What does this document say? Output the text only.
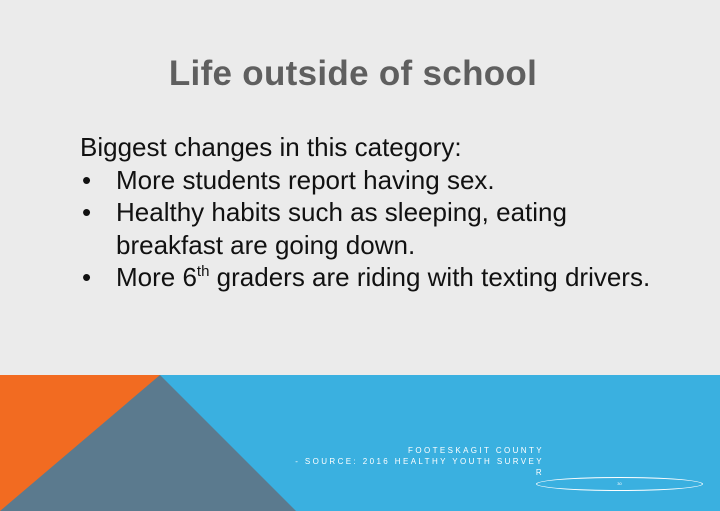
Life outside of school

Biggest changes in this category:

• More students report having sex.
• Healthy habits such as sleeping, eating breakfast are going down.
• More 6th graders are riding with texting drivers.
FOOTESKAGIT COUNTY
- SOURCE: 2016 HEALTHY YOUTH SURVEY
R
30
